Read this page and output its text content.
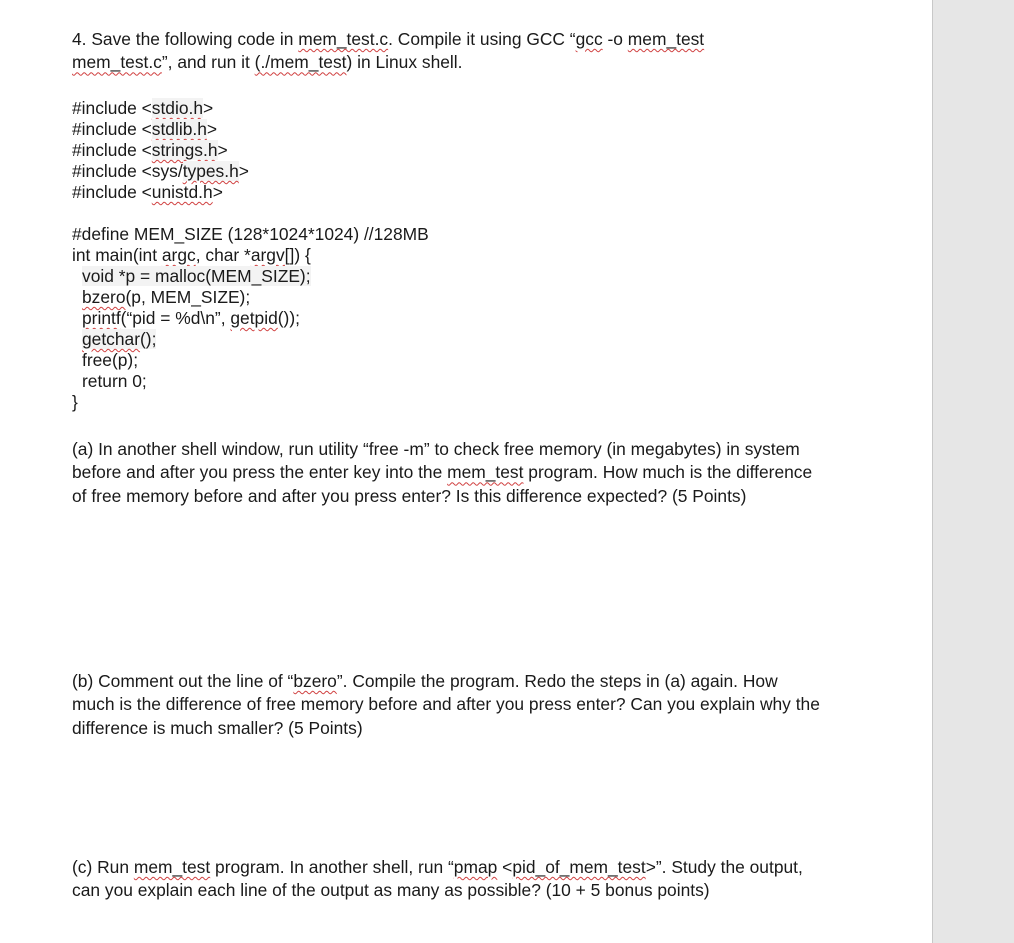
4. Save the following code in mem_test.c. Compile it using GCC “gcc -o mem_test
mem_test.c”, and run it (./mem_test) in Linux shell.

#include <stdio.h>
#include <stdlib.h>
#include <strings.h>
#include <sys/types.h>
#include <unistd.h>
#define MEM_SIZE (128*1024*1024) //128MB
int main(int argc, char *argv[]) {
void *p = malloc(MEM_SIZE);
bzero(p, MEM_SIZE);
printf(“pid = %d\n”, getpid());
getchar();
free(p);
return 0;
}

(a) In another shell window, run utility “free -m” to check free memory (in megabytes) in system before and after you press the enter key into the mem_test program. How much is the difference of free memory before and after you press enter? Is this difference expected? (5 Points)

(b) Comment out the line of “bzero”. Compile the program. Redo the steps in (a) again. How much is the difference of free memory before and after you press enter? Can you explain why the difference is much smaller? (5 Points)

(c) Run mem_test program. In another shell, run “pmap <pid_of_mem_test>”. Study the output, can you explain each line of the output as many as possible? (10 + 5 bonus points)
